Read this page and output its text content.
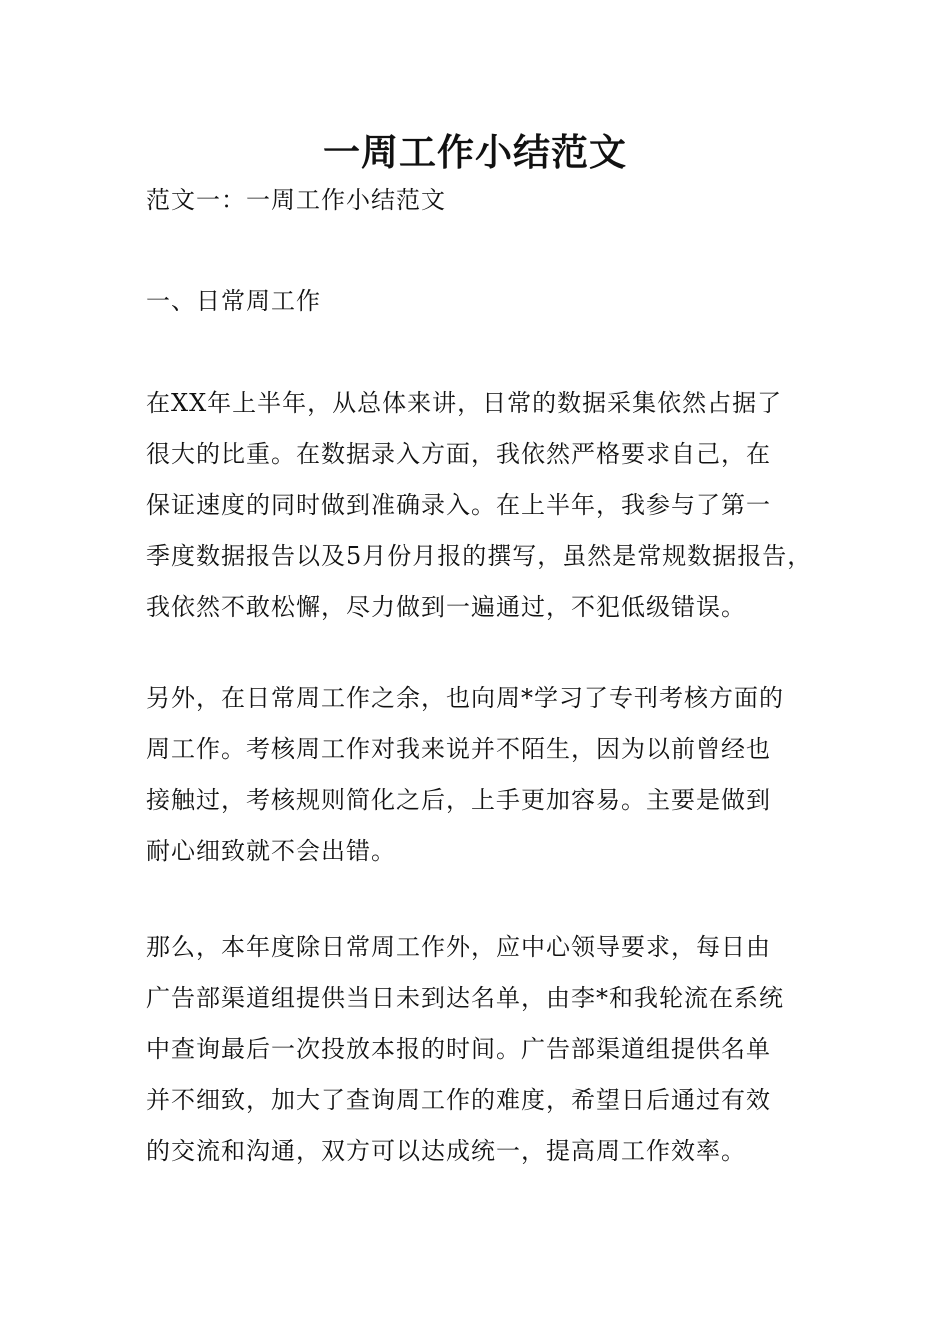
一周工作小结范文
范文一：一周工作小结范文
一、日常周工作
在XX年上半年，从总体来讲，日常的数据采集依然占据了
很大的比重。在数据录入方面，我依然严格要求自己，在
保证速度的同时做到准确录入。在上半年，我参与了第一
季度数据报告以及5月份月报的撰写，虽然是常规数据报告，
我依然不敢松懈，尽力做到一遍通过，不犯低级错误。
另外，在日常周工作之余，也向周*学习了专刊考核方面的
周工作。考核周工作对我来说并不陌生，因为以前曾经也
接触过，考核规则简化之后，上手更加容易。主要是做到
耐心细致就不会出错。
那么，本年度除日常周工作外，应中心领导要求，每日由
广告部渠道组提供当日未到达名单，由李*和我轮流在系统
中查询最后一次投放本报的时间。广告部渠道组提供名单
并不细致，加大了查询周工作的难度，希望日后通过有效
的交流和沟通，双方可以达成统一，提高周工作效率。
